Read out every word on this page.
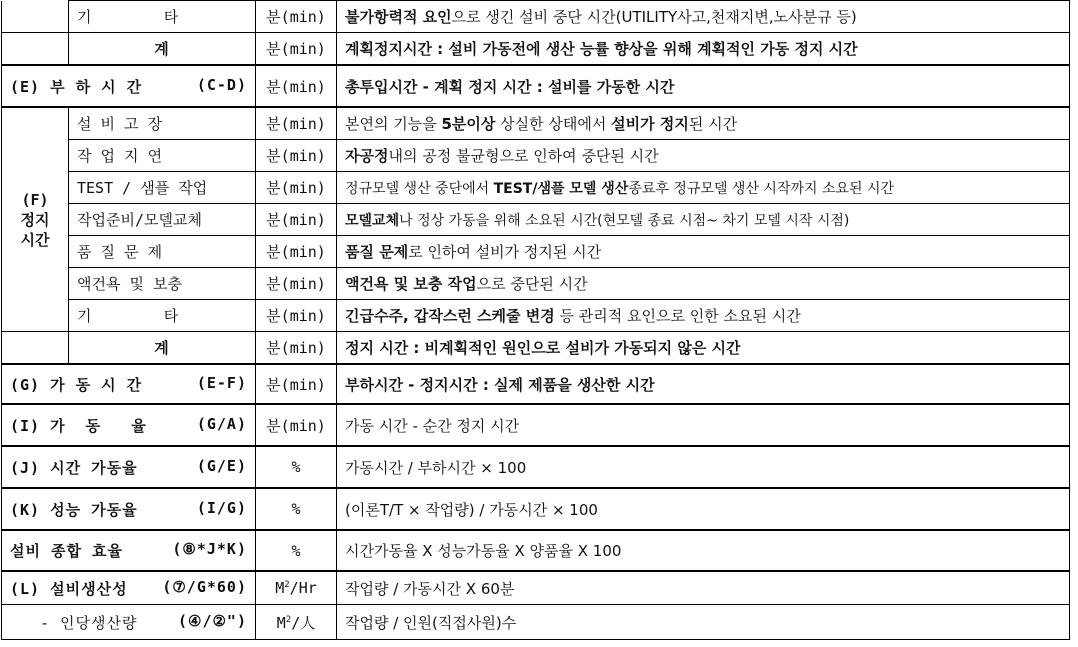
	기        타	분(min)	불가항력적 요인으로 생긴 설비 중단 시간(UTILITY사고,천재지변,노사분규 등)
	계	분(min)	계획정지시간 : 설비 가동전에 생산 능률 향상을 위해 계획적인 가동 정지 시간

(E) 부 하 시 간 (C-D)		분(min)	총투입시간 - 계획 정지 시간 : 설비를 가동한 시간

(F)
정지
시간	설 비 고 장	분(min)	본연의 기능을 5분이상 상실한 상태에서 설비가 정지된 시간
	작 업 지 연	분(min)	자공정내의 공정 불균형으로 인하여 중단된 시간
	TEST / 샘플 작업	분(min)	정규모델 생산 중단에서 TEST/샘플 모델 생산종료후 정규모델 생산 시작까지 소요된 시간
	작업준비/모델교체	분(min)	모델교체나 정상 가동을 위해 소요된 시간(현모델 종료 시점~ 차기 모델 시작 시점)
	품 질 문 제	분(min)	품질 문제로 인하여 설비가 정지된 시간
	액건욕 및 보충	분(min)	액건욕 및 보충 작업으로 중단된 시간
	기        타	분(min)	긴급수주, 갑작스런 스케줄 변경 등 관리적 요인으로 인한 소요된 시간
	계	분(min)	정지 시간 : 비계획적인 원인으로 설비가 가동되지 않은 시간

(G) 가 동 시 간 (E-F)		분(min)	부하시간 - 정지시간 : 실제 제품을 생산한 시간

(I) 가  동   율 (G/A)		분(min)	가동 시간 - 순간 정지 시간

(J) 시간 가동율 (G/E)		%	가동시간 / 부하시간 × 100

(K) 성능 가동율 (I/G)		%	(이론T/T × 작업량) / 가동시간 × 100

설비 종합 효율 (⑧*J*K)		%	시간가동율 X 성능가동율 X 양품율 X 100

(L) 설비생산성 (⑦/G*60)		$M^2/Hr$	작업량 / 가동시간 X 60분

- 인당생산량 (④/②")		$M^2/$人	작업량 / 인원(직접사원)수
